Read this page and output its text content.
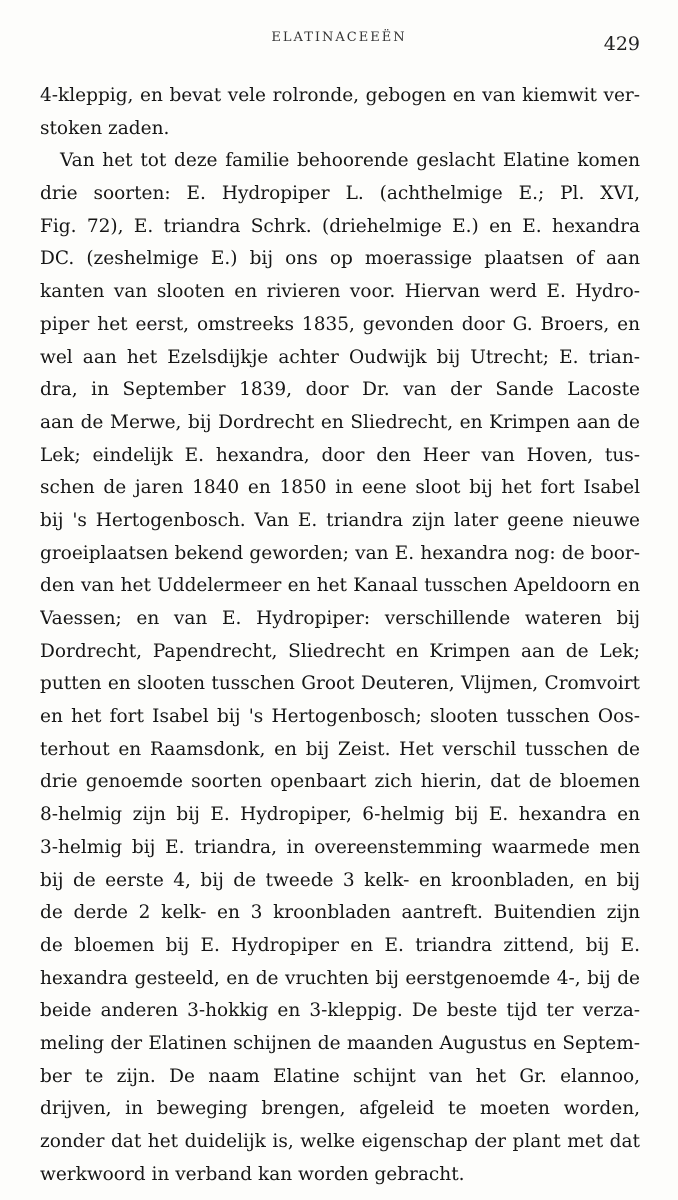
ELATINACEEËN	429
4-kleppig, en bevat vele rolronde, gebogen en van kiemwit ver-
stoken zaden.
Van het tot deze familie behoorende geslacht Elatine komen
drie soorten: E. Hydropiper L. (achthelmige E.; Pl. XVI,
Fig. 72), E. triandra Schrk. (driehelmige E.) en E. hexandra
DC. (zeshelmige E.) bij ons op moerassige plaatsen of aan
kanten van slooten en rivieren voor. Hiervan werd E. Hydro-
piper het eerst, omstreeks 1835, gevonden door G. Broers, en
wel aan het Ezelsdijkje achter Oudwijk bij Utrecht; E. trian-
dra, in September 1839, door Dr. van der Sande Lacoste
aan de Merwe, bij Dordrecht en Sliedrecht, en Krimpen aan de
Lek; eindelijk E. hexandra, door den Heer van Hoven, tus-
schen de jaren 1840 en 1850 in eene sloot bij het fort Isabel
bij 's Hertogenbosch. Van E. triandra zijn later geene nieuwe
groeiplaatsen bekend geworden; van E. hexandra nog: de boor-
den van het Uddelermeer en het Kanaal tusschen Apeldoorn en
Vaessen; en van E. Hydropiper: verschillende wateren bij
Dordrecht, Papendrecht, Sliedrecht en Krimpen aan de Lek;
putten en slooten tusschen Groot Deuteren, Vlijmen, Cromvoirt
en het fort Isabel bij 's Hertogenbosch; slooten tusschen Oos-
terhout en Raamsdonk, en bij Zeist. Het verschil tusschen de
drie genoemde soorten openbaart zich hierin, dat de bloemen
8-helmig zijn bij E. Hydropiper, 6-helmig bij E. hexandra en
3-helmig bij E. triandra, in overeenstemming waarmede men
bij de eerste 4, bij de tweede 3 kelk- en kroonbladen, en bij
de derde 2 kelk- en 3 kroonbladen aantreft. Buitendien zijn
de bloemen bij E. Hydropiper en E. triandra zittend, bij E.
hexandra gesteeld, en de vruchten bij eerstgenoemde 4-, bij de
beide anderen 3-hokkig en 3-kleppig. De beste tijd ter verza-
meling der Elatinen schijnen de maanden Augustus en Septem-
ber te zijn. De naam Elatine schijnt van het Gr. elannoo,
drijven, in beweging brengen, afgeleid te moeten worden,
zonder dat het duidelijk is, welke eigenschap der plant met dat
werkwoord in verband kan worden gebracht.
